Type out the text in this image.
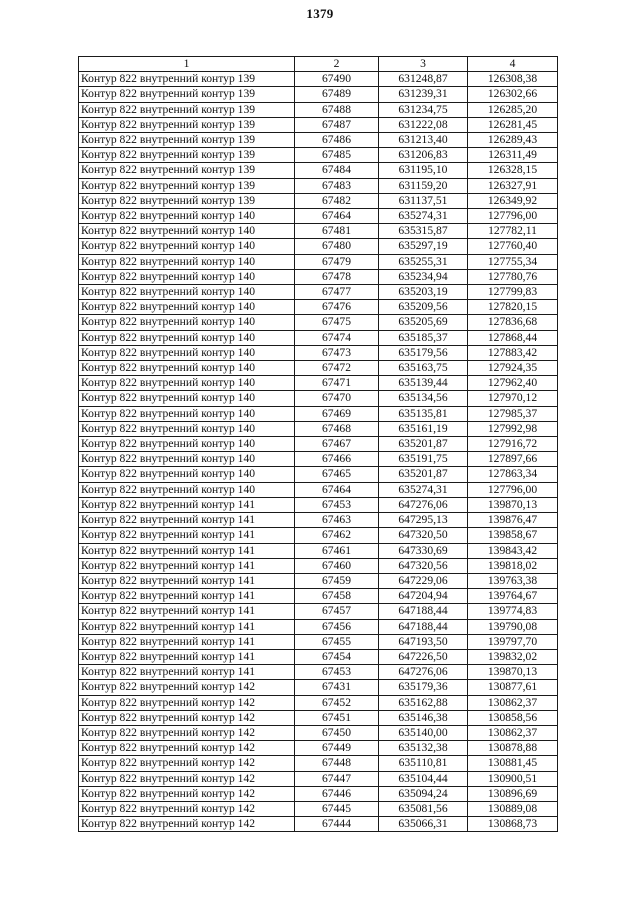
1379
1	2	3	4
Контур 822 внутренний контур 139	67490	631248,87	126308,38
Контур 822 внутренний контур 139	67489	631239,31	126302,66
Контур 822 внутренний контур 139	67488	631234,75	126285,20
Контур 822 внутренний контур 139	67487	631222,08	126281,45
Контур 822 внутренний контур 139	67486	631213,40	126289,43
Контур 822 внутренний контур 139	67485	631206,83	126311,49
Контур 822 внутренний контур 139	67484	631195,10	126328,15
Контур 822 внутренний контур 139	67483	631159,20	126327,91
Контур 822 внутренний контур 139	67482	631137,51	126349,92
Контур 822 внутренний контур 140	67464	635274,31	127796,00
Контур 822 внутренний контур 140	67481	635315,87	127782,11
Контур 822 внутренний контур 140	67480	635297,19	127760,40
Контур 822 внутренний контур 140	67479	635255,31	127755,34
Контур 822 внутренний контур 140	67478	635234,94	127780,76
Контур 822 внутренний контур 140	67477	635203,19	127799,83
Контур 822 внутренний контур 140	67476	635209,56	127820,15
Контур 822 внутренний контур 140	67475	635205,69	127836,68
Контур 822 внутренний контур 140	67474	635185,37	127868,44
Контур 822 внутренний контур 140	67473	635179,56	127883,42
Контур 822 внутренний контур 140	67472	635163,75	127924,35
Контур 822 внутренний контур 140	67471	635139,44	127962,40
Контур 822 внутренний контур 140	67470	635134,56	127970,12
Контур 822 внутренний контур 140	67469	635135,81	127985,37
Контур 822 внутренний контур 140	67468	635161,19	127992,98
Контур 822 внутренний контур 140	67467	635201,87	127916,72
Контур 822 внутренний контур 140	67466	635191,75	127897,66
Контур 822 внутренний контур 140	67465	635201,87	127863,34
Контур 822 внутренний контур 140	67464	635274,31	127796,00
Контур 822 внутренний контур 141	67453	647276,06	139870,13
Контур 822 внутренний контур 141	67463	647295,13	139876,47
Контур 822 внутренний контур 141	67462	647320,50	139858,67
Контур 822 внутренний контур 141	67461	647330,69	139843,42
Контур 822 внутренний контур 141	67460	647320,56	139818,02
Контур 822 внутренний контур 141	67459	647229,06	139763,38
Контур 822 внутренний контур 141	67458	647204,94	139764,67
Контур 822 внутренний контур 141	67457	647188,44	139774,83
Контур 822 внутренний контур 141	67456	647188,44	139790,08
Контур 822 внутренний контур 141	67455	647193,50	139797,70
Контур 822 внутренний контур 141	67454	647226,50	139832,02
Контур 822 внутренний контур 141	67453	647276,06	139870,13
Контур 822 внутренний контур 142	67431	635179,36	130877,61
Контур 822 внутренний контур 142	67452	635162,88	130862,37
Контур 822 внутренний контур 142	67451	635146,38	130858,56
Контур 822 внутренний контур 142	67450	635140,00	130862,37
Контур 822 внутренний контур 142	67449	635132,38	130878,88
Контур 822 внутренний контур 142	67448	635110,81	130881,45
Контур 822 внутренний контур 142	67447	635104,44	130900,51
Контур 822 внутренний контур 142	67446	635094,24	130896,69
Контур 822 внутренний контур 142	67445	635081,56	130889,08
Контур 822 внутренний контур 142	67444	635066,31	130868,73
